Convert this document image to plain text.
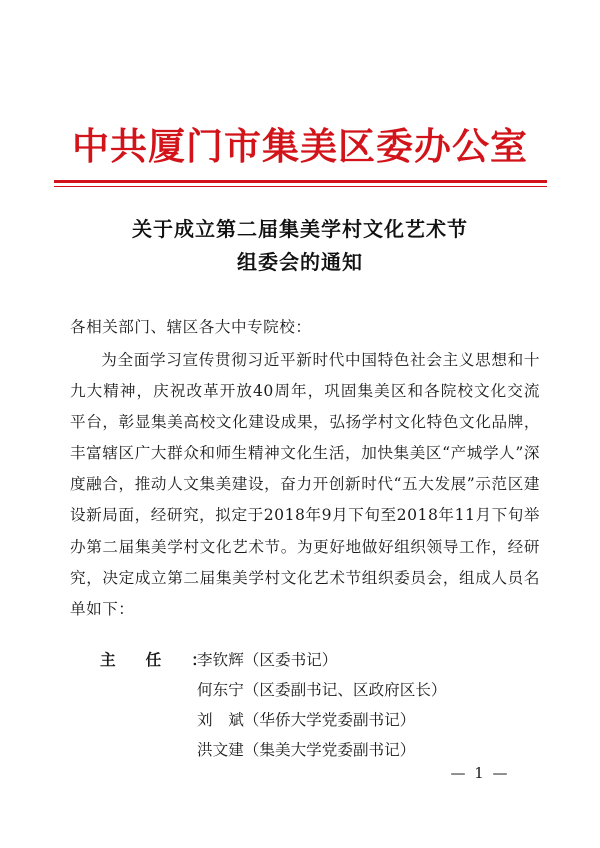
中共厦门市集美区委办公室
关于成立第二届集美学村文化艺术节
组委会的通知
各相关部门、辖区各大中专院校：
为全面学习宣传贯彻习近平新时代中国特色社会主义思想和十九大精神，庆祝改革开放40周年，巩固集美区和各院校文化交流平台，彰显集美高校文化建设成果，弘扬学村文化特色文化品牌，丰富辖区广大群众和师生精神文化生活，加快集美区“产城学人”深度融合，推动人文集美建设，奋力开创新时代“五大发展”示范区建设新局面，经研究，拟定于2018年9月下旬至2018年11月下旬举办第二届集美学村文化艺术节。为更好地做好组织领导工作，经研究，决定成立第二届集美学村文化艺术节组织委员会，组成人员名单如下：
主任：李钦辉（区委书记）
何东宁（区委副书记、区政府区长）
刘　斌（华侨大学党委副书记）
洪文建（集美大学党委副书记）
— 1 —
